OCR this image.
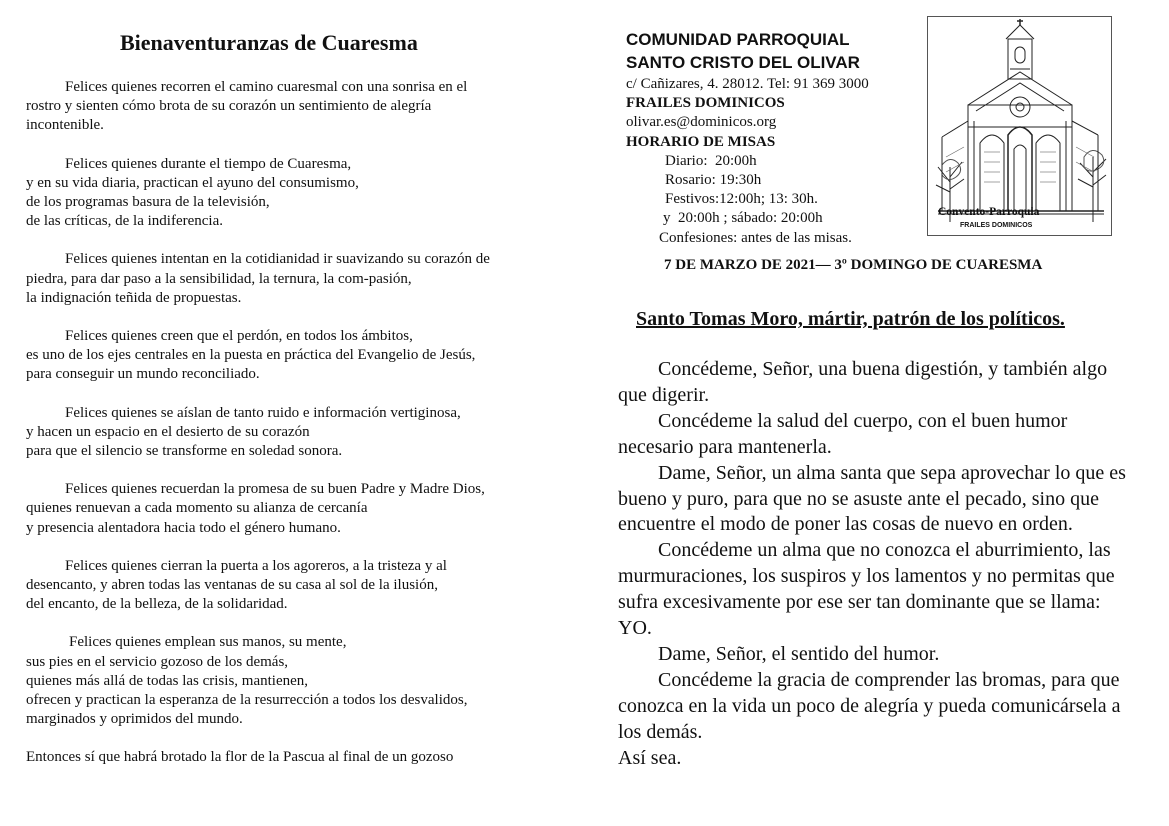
Bienaventuranzas de Cuaresma

Felices quienes recorren el camino cuaresmal con una sonrisa en el
rostro y sienten cómo brota de su corazón un sentimiento de alegría
incontenible.

Felices quienes durante el tiempo de Cuaresma,
y en su vida diaria, practican el ayuno del consumismo,
de los programas basura de la televisión,
de las críticas, de la indiferencia.

Felices quienes intentan en la cotidianidad ir suavizando su corazón de
piedra, para dar paso a la sensibilidad, la ternura, la com-pasión,
la indignación teñida de propuestas.

Felices quienes creen que el perdón, en todos los ámbitos,
es uno de los ejes centrales en la puesta en práctica del Evangelio de Jesús,
para conseguir un mundo reconciliado.

Felices quienes se aíslan de tanto ruido e información vertiginosa,
y hacen un espacio en el desierto de su corazón
para que el silencio se transforme en soledad sonora.

Felices quienes recuerdan la promesa de su buen Padre y Madre Dios,
quienes renuevan a cada momento su alianza de cercanía
y presencia alentadora hacia todo el género humano.

Felices quienes cierran la puerta a los agoreros, a la tristeza y al
desencanto, y abren todas las ventanas de su casa al sol de la ilusión,
del encanto, de la belleza, de la solidaridad.

Felices quienes emplean sus manos, su mente,
sus pies en el servicio gozoso de los demás,
quienes más allá de todas las crisis, mantienen,
ofrecen y practican la esperanza de la resurrección a todos los desvalidos,
marginados y oprimidos del mundo.

Entonces sí que habrá brotado la flor de la Pascua al final de un gozoso

COMUNIDAD PARROQUIAL
SANTO CRISTO DEL OLIVAR
c/ Cañizares, 4. 28012. Tel: 91 369 3000
FRAILES DOMINICOS
olivar.es@dominicos.org
HORARIO DE MISAS
Diario:  20:00h
Rosario: 19:30h
Festivos:12:00h; 13: 30h.
y  20:00h ; sábado: 20:00h
Confesiones: antes de las misas.
Convento-Parroquia
FRAILES DOMINICOS
7 DE MARZO DE 2021— 3º DOMINGO DE CUARESMA
Santo Tomas Moro, mártir, patrón de los políticos.

Concédeme, Señor, una buena digestión, y también algo que digerir.

Concédeme la salud del cuerpo, con el buen humor necesario para mantenerla.

Dame, Señor, un alma santa que sepa aprovechar lo que es bueno y puro, para que no se asuste ante el pecado, sino que encuentre el modo de poner las cosas de nuevo en orden.

Concédeme un alma que no conozca el aburrimiento, las murmuraciones, los suspiros y los lamentos y no permitas que sufra excesivamente por ese ser tan dominante que se llama: YO.

Dame, Señor, el sentido del humor.

Concédeme la gracia de comprender las bromas, para que conozca en la vida un poco de alegría y pueda comunicársela a los demás.

Así sea.
